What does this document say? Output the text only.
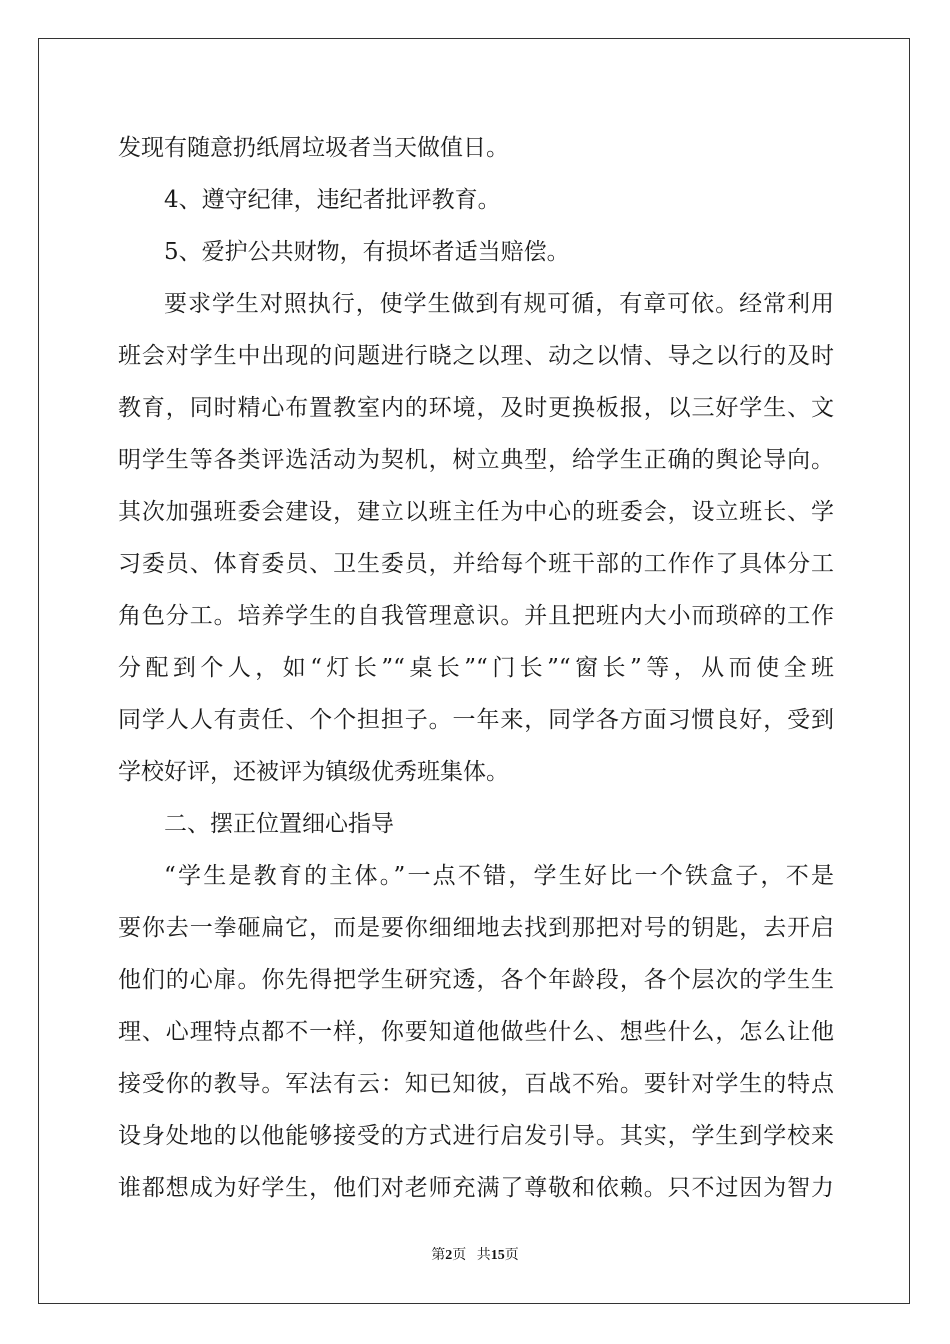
发现有随意扔纸屑垃圾者当天做值日。
4、遵守纪律，违纪者批评教育。
5、爱护公共财物，有损坏者适当赔偿。
要求学生对照执行，使学生做到有规可循，有章可依。经常利用
班会对学生中出现的问题进行晓之以理、动之以情、导之以行的及时
教育，同时精心布置教室内的环境，及时更换板报，以三好学生、文
明学生等各类评选活动为契机，树立典型，给学生正确的舆论导向。
其次加强班委会建设，建立以班主任为中心的班委会，设立班长、学
习委员、体育委员、卫生委员，并给每个班干部的工作作了具体分工
角色分工。培养学生的自我管理意识。并且把班内大小而琐碎的工作
分配到个人，如“灯长”“桌长”“门长”“窗长”等，从而使全班
同学人人有责任、个个担担子。一年来，同学各方面习惯良好，受到
学校好评，还被评为镇级优秀班集体。
二、摆正位置细心指导
“学生是教育的主体。”一点不错，学生好比一个铁盒子，不是
要你去一拳砸扁它，而是要你细细地去找到那把对号的钥匙，去开启
他们的心扉。你先得把学生研究透，各个年龄段，各个层次的学生生
理、心理特点都不一样，你要知道他做些什么、想些什么，怎么让他
接受你的教导。军法有云：知已知彼，百战不殆。要针对学生的特点
设身处地的以他能够接受的方式进行启发引导。其实，学生到学校来
谁都想成为好学生，他们对老师充满了尊敬和依赖。只不过因为智力
第2页 共15页
